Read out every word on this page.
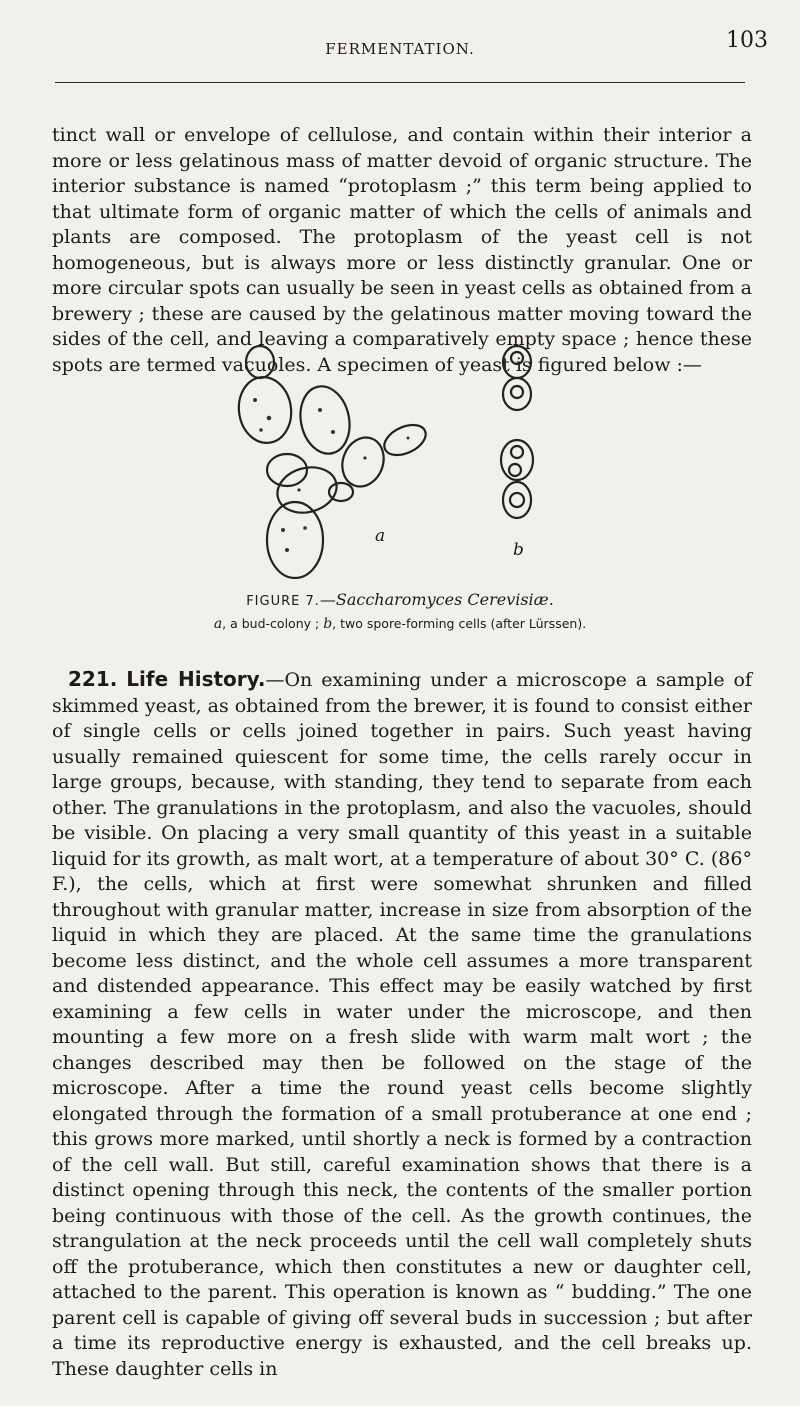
FERMENTATION.	103

tinct wall or envelope of cellulose, and contain within their interior a more or less gelatinous mass of matter devoid of organic structure. The interior substance is named “protoplasm ;” this term being applied to that ultimate form of organic matter of which the cells of animals and plants are composed. The protoplasm of the yeast cell is not homogeneous, but is always more or less distinctly granular. One or more circular spots can usually be seen in yeast cells as obtained from a brewery ; these are caused by the gelatinous matter moving toward the sides of the cell, and leaving a comparatively empty space ; hence these spots are termed vacuoles. A specimen of yeast is figured below :—

a
b
FIGURE 7.—Saccharomyces Cerevisiæ.
a, a bud-colony ; b, two spore-forming cells (after Lürssen).

221. Life History.—On examining under a microscope a sample of skimmed yeast, as obtained from the brewer, it is found to consist either of single cells or cells joined together in pairs. Such yeast having usually remained quiescent for some time, the cells rarely occur in large groups, because, with standing, they tend to separate from each other. The granulations in the protoplasm, and also the vacuoles, should be visible. On placing a very small quantity of this yeast in a suitable liquid for its growth, as malt wort, at a temperature of about 30° C. (86° F.), the cells, which at first were somewhat shrunken and filled throughout with granular matter, increase in size from absorption of the liquid in which they are placed. At the same time the granulations become less distinct, and the whole cell assumes a more transparent and distended appearance. This effect may be easily watched by first examining a few cells in water under the microscope, and then mounting a few more on a fresh slide with warm malt wort ; the changes described may then be followed on the stage of the microscope. After a time the round yeast cells become slightly elongated through the formation of a small protuberance at one end ; this grows more marked, until shortly a neck is formed by a contraction of the cell wall. But still, careful examination shows that there is a distinct opening through this neck, the contents of the smaller portion being continuous with those of the cell. As the growth continues, the strangulation at the neck proceeds until the cell wall completely shuts off the protuberance, which then constitutes a new or daughter cell, attached to the parent. This operation is known as “ budding.” The one parent cell is capable of giving off several buds in succession ; but after a time its reproductive energy is exhausted, and the cell breaks up. These daughter cells in
